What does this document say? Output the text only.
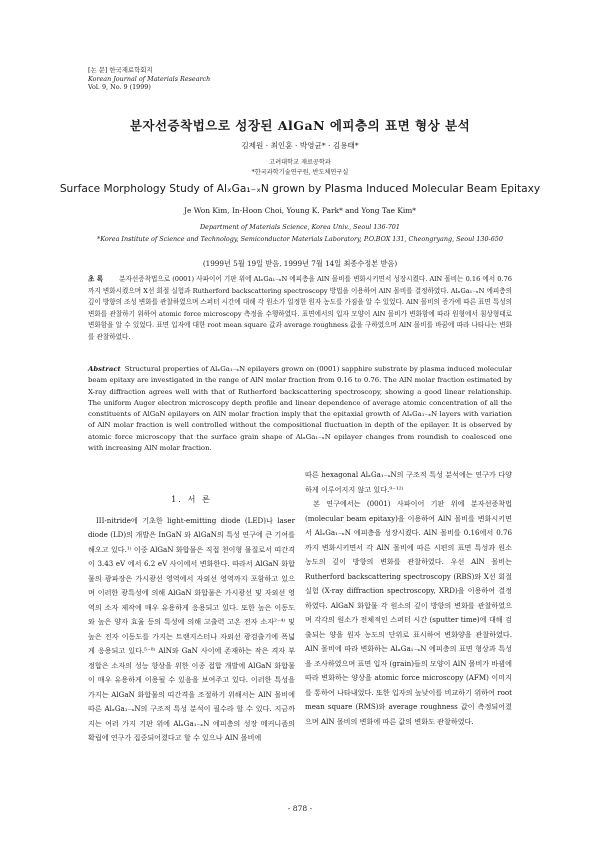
[논 문] 한국재료학회지
Korean Journal of Materials Research
Vol. 9, No. 9 (1999)
분자선증착법으로 성장된 AlGaN 에피층의 표면 형상 분석
김제원 · 최인훈 · 박영균* · 김용태*
고려대학교 재료공학과
*한국과학기술연구원, 반도체연구실
Surface Morphology Study of AlₓGa₁₋ₓN grown by Plasma Induced Molecular Beam Epitaxy
Je Won Kim, In-Hoon Choi, Young K. Park* and Yong Tae Kim*
Department of Materials Science, Korea Univ., Seoul 136-701
*Korea Institute of Science and Technology, Semiconductor Materials Laboratory, P.O.BOX 131, Cheongryang, Seoul 130-650
(1999년 5월 19일 받음, 1999년 7월 14일 최종수정본 받음)
초 록 분자선증착법으로 (0001) 사파이어 기판 위에 AlₓGa₁₋ₓN 에피층을 AlN 몰비를 변화시키면서 성장시켰다. AlN 몰비는 0.16 에서 0.76 까지 변화시켰으며 X선 회절 실험과 Rutherford backscattering spectroscopy 방법을 이용하여 AlN 몰비를 결정하였다. AlₓGa₁₋ₓN 에피층의 깊이 방향의 조성 변화를 관찰하였으며 스퍼터 시간에 대해 각 원소가 일정한 원자 농도를 가짐을 알 수 있었다. AlN 몰비의 증가에 따른 표면 특성의 변화를 관찰하기 위하여 atomic force microscopy 측정을 수행하였다. 표면에서의 입자 모양이 AlN 몰비가 변화함에 따라 원형에서 침상형태로 변화함을 알 수 있었다. 표면 입자에 대한 root mean square 값과 average roughness 값을 구하였으며 AlN 몰비를 바꿈에 따라 나타나는 변화를 관찰하였다.
Abstract Structural properties of AlₓGa₁₋ₓN epilayers grown on (0001) sapphire substrate by plasma induced molecular beam epitaxy are investigated in the range of AlN molar fraction from 0.16 to 0.76. The AlN molar fraction estimated by X-ray diffraction agrees well with that of Rutherford backscattering spectroscopy, showing a good linear relationship. The uniform Auger electron microscopy depth profile and linear dependence of average atomic concentration of all the constituents of AlGaN epilayers on AlN molar fraction imply that the epitaxial growth of AlₓGa₁₋ₓN layers with variation of AlN molar fraction is well controlled without the compositional fluctuation in depth of the epilayer. It is observed by atomic force microscopy that the surface grain shape of AlₓGa₁₋ₓN epilayer changes from roundish to coalesced one with increasing AlN molar fraction.
1. 서 론

III-nitride에 기초한 light-emitting diode (LED)나 laser diode (LD)의 개발은 InGaN 와 AlGaN의 특성 연구에 큰 기여를 해오고 있다.¹⁾ 이중 AlGaN 화합물은 직접 천이형 물질로서 띠간격이 3.43 eV 에서 6.2 eV 사이에서 변화한다. 따라서 AlGaN 화합물의 광파장은 가시광선 영역에서 자외선 영역까지 포함하고 있으며 이러한 광특성에 의해 AlGaN 화합물은 가시광선 및 자외선 영역의 소자 제작에 매우 유용하게 응용되고 있다. 또한 높은 이동도와 높은 양자 효율 등의 특성에 의해 고출력 고온 전자 소자²⁻⁴⁾ 및 높은 전자 이동도를 가지는 트랜지스터나 자외선 광검출기에 폭넓게 응용되고 있다.⁵⁻⁸⁾ AlN와 GaN 사이에 존재하는 작은 격자 부정합은 소자의 성능 향상을 위한 이종 접합 개발에 AlGaN 화합물이 매우 유용하게 이용될 수 있음을 보여주고 있다. 이러한 특성을 가지는 AlGaN 화합물의 띠간격을 조절하기 위해서는 AlN 몰비에 따른 AlₓGa₁₋ₓN의 구조적 특성 분석이 필수라 할 수 있다. 지금까지는 여러 가지 기판 위에 AlₓGa₁₋ₓN 에피층의 성장 메커니즘의 확립에 연구가 집중되어졌다고 할 수 있으나 AlN 몰비에

따른 hexagonal AlₓGa₁₋ₓN의 구조적 특성 분석에는 연구가 다양하게 이루어지지 않고 있다.⁹⁻¹²⁾

본 연구에서는 (0001) 사파이어 기판 위에 분자선증착법 (molecular beam epitaxy)을 이용하여 AlN 몰비를 변화시키면서 AlₓGa₁₋ₓN 에피층을 성장시켰다. AlN 몰비를 0.16에서 0.76까지 변화시키면서 각 AlN 몰비에 따른 시편의 표면 특성과 원소 농도의 깊이 방향의 변화를 관찰하였다. 우선 AlN 몰비는 Rutherford backscattering spectroscopy (RBS)와 X선 회절 실험 (X-ray diffraction spectroscopy, XRD)을 이용하여 결정하였다. AlGaN 화합물 각 원소의 깊이 방향의 변화를 관찰하였으며 각각의 원소가 전체적인 스퍼터 시간 (sputter time)에 대해 검출되는 양을 원자 농도의 단위로 표시하여 변화양을 관찰하였다. AlN 몰비에 따라 변화하는 AlₓGa₁₋ₓN 에피층의 표면 형상과 특성을 조사하였으며 표면 입자 (grain)들의 모양이 AlN 몰비가 바뀜에 따라 변화하는 양상을 atomic force microscopy (AFM) 이미지를 통하여 나타내었다. 또한 입자의 높낮이를 비교하기 위하여 root mean square (RMS)와 average roughness 값이 측정되어졌으며 AlN 몰비의 변화에 따른 값의 변화도 관찰하였다.

- 878 -
